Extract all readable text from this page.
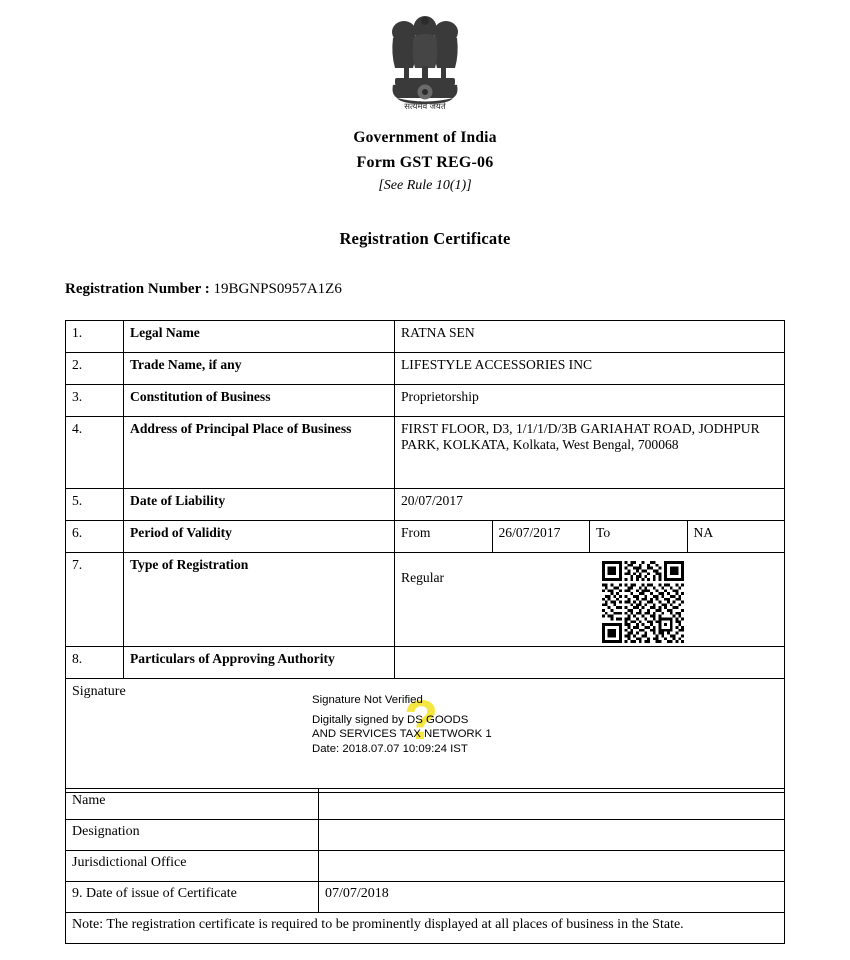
सत्यमेव जयते
Government of India
Form GST REG-06
[See Rule 10(1)]
Registration Certificate
Registration Number : 19BGNPS0957A1Z6
1.	Legal Name	RATNA SEN			
2.	Trade Name, if any	LIFESTYLE ACCESSORIES INC			
3.	Constitution of Business	Proprietorship			
4.	Address of Principal Place of Business	FIRST FLOOR, D3, 1/1/1/D/3B GARIAHAT ROAD, JODHPUR PARK, KOLKATA, Kolkata, West Bengal, 700068			
5.	Date of Liability	20/07/2017			
6.	Period of Validity	From	26/07/2017	To	NA
7.	Type of Registration	Regular			

8.	Particulars of Approving Authority				
Signature	?
Signature Not Verified
Digitally signed by DS GOODS
AND SERVICES TAX NETWORK 1
Date: 2018.07.07 10:09:24 IST
Name	
Designation	
Jurisdictional Office	
9. Date of issue of Certificate	07/07/2018
Note: The registration certificate is required to be prominently displayed at all places of business in the State.	
